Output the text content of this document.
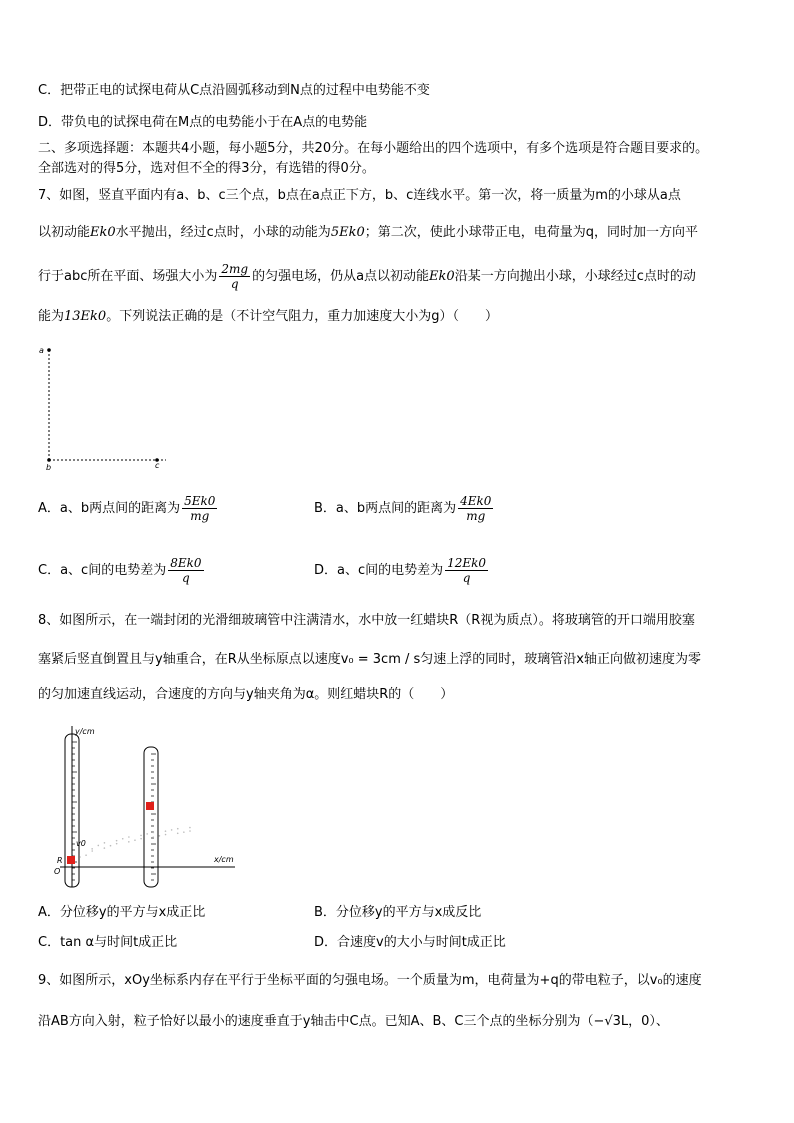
C．把带正电的试探电荷从C点沿圆弧移动到N点的过程中电势能不变
D．带负电的试探电荷在M点的电势能小于在A点的电势能
二、多项选择题：本题共4小题，每小题5分，共20分。在每小题给出的四个选项中，有多个选项是符合题目要求的。
全部选对的得5分，选对但不全的得3分，有选错的得0分。
7、如图，竖直平面内有a、b、c三个点，b点在a点正下方，b、c连线水平。第一次，将一质量为m的小球从a点
以初动能Ek0水平抛出，经过c点时，小球的动能为5Ek0；第二次，使此小球带正电，电荷量为q，同时加一方向平
行于abc所在平面、场强大小为 $\frac{2mg}{q}$ 的匀强电场，仍从a点以初动能Ek0沿某一方向抛出小球，小球经过c点时的动
能为13Ek0。下列说法正确的是（不计空气阻力，重力加速度大小为g）（　　）
a
b	c
A．a、b两点间的距离为 $\frac{5Ek0}{mg}$	B．a、b两点间的距离为 $\frac{4Ek0}{mg}$
C．a、c间的电势差为 $\frac{8Ek0}{q}$	D．a、c间的电势差为 $\frac{12Ek0}{q}$
8、如图所示，在一端封闭的光滑细玻璃管中注满清水，水中放一红蜡块R（R视为质点）。将玻璃管的开口端用胶塞
塞紧后竖直倒置且与y轴重合，在R从坐标原点以速度v₀ = 3cm / s匀速上浮的同时，玻璃管沿x轴正向做初速度为零
的匀加速直线运动，合速度的方向与y轴夹角为α。则红蜡块R的（　　）
y/cm
x/cm
R
O
v0
A．分位移y的平方与x成正比	B．分位移y的平方与x成反比
C．tan α与时间t成正比	D．合速度v的大小与时间t成正比
9、如图所示，xOy坐标系内存在平行于坐标平面的匀强电场。一个质量为m，电荷量为+q的带电粒子，以v₀的速度
沿AB方向入射，粒子恰好以最小的速度垂直于y轴击中C点。已知A、B、C三个点的坐标分别为（−√3L，0）、
